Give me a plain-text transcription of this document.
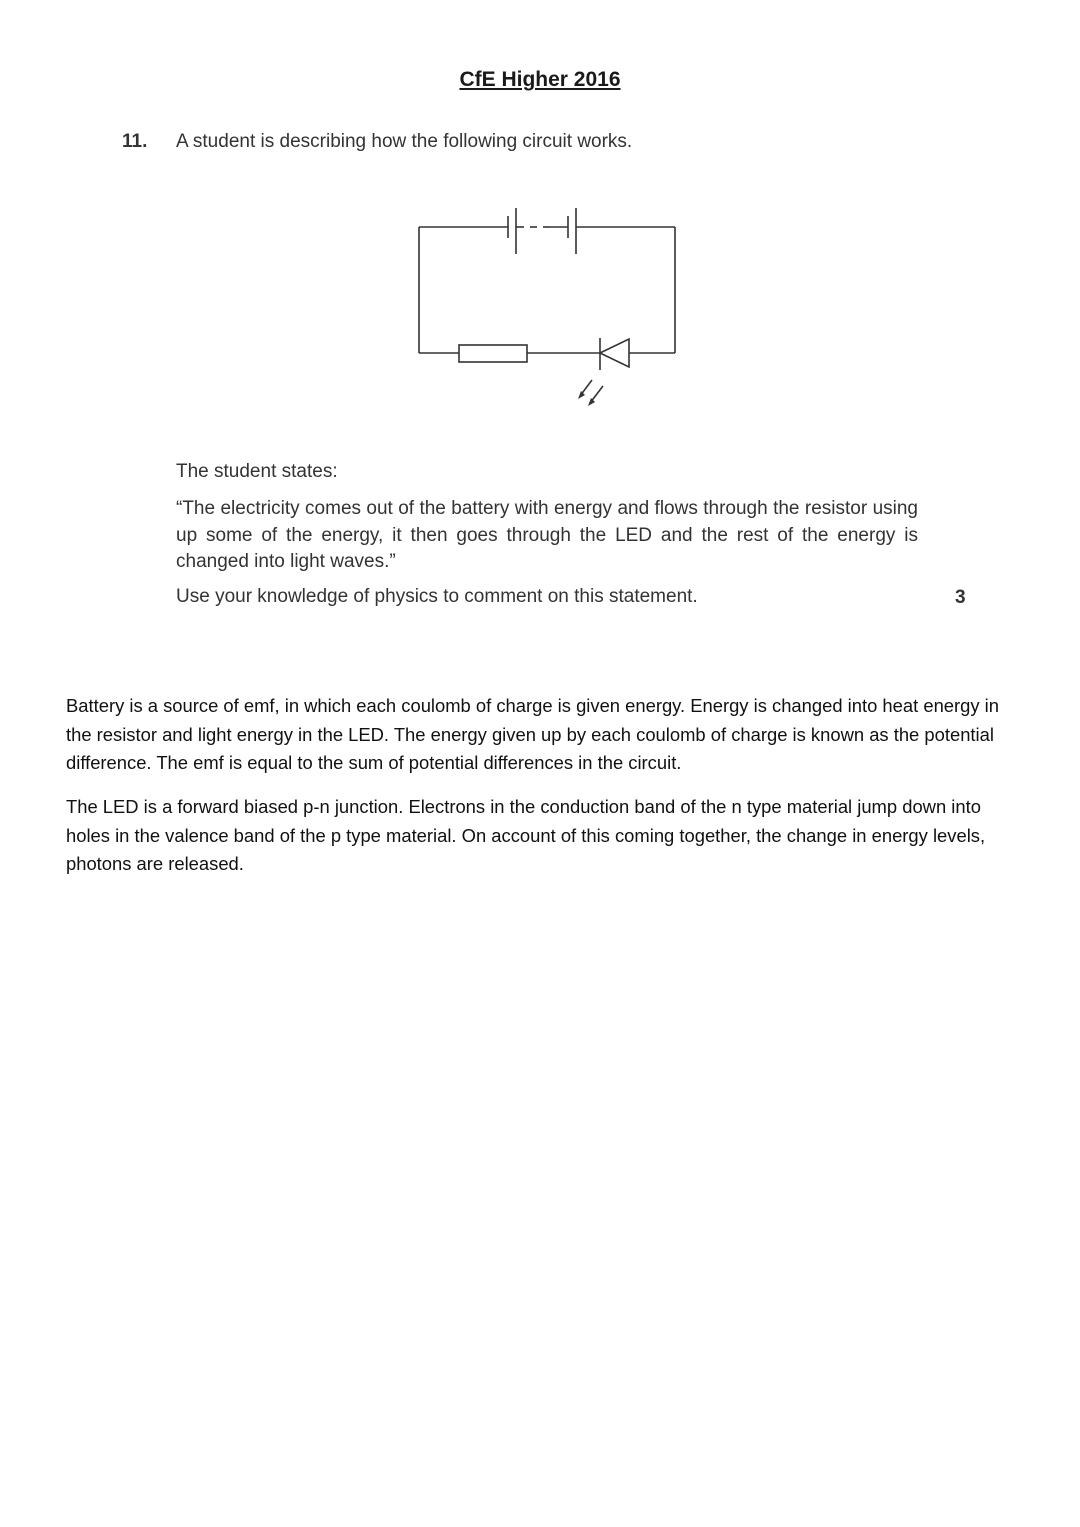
CfE Higher 2016
11. A student is describing how the following circuit works.
The student states:
“The electricity comes out of the battery with energy and flows through the resistor using up some of the energy, it then goes through the LED and the rest of the energy is changed into light waves.”
Use your knowledge of physics to comment on this statement.	3

Battery is a source of emf, in which each coulomb of charge is given energy. Energy is changed into heat energy in the resistor and light energy in the LED. The energy given up by each coulomb of charge is known as the potential difference. The emf is equal to the sum of potential differences in the circuit.

The LED is a forward biased p-n junction. Electrons in the conduction band of the n type material jump down into holes in the valence band of the p type material. On account of this coming together, the change in energy levels, photons are released.
